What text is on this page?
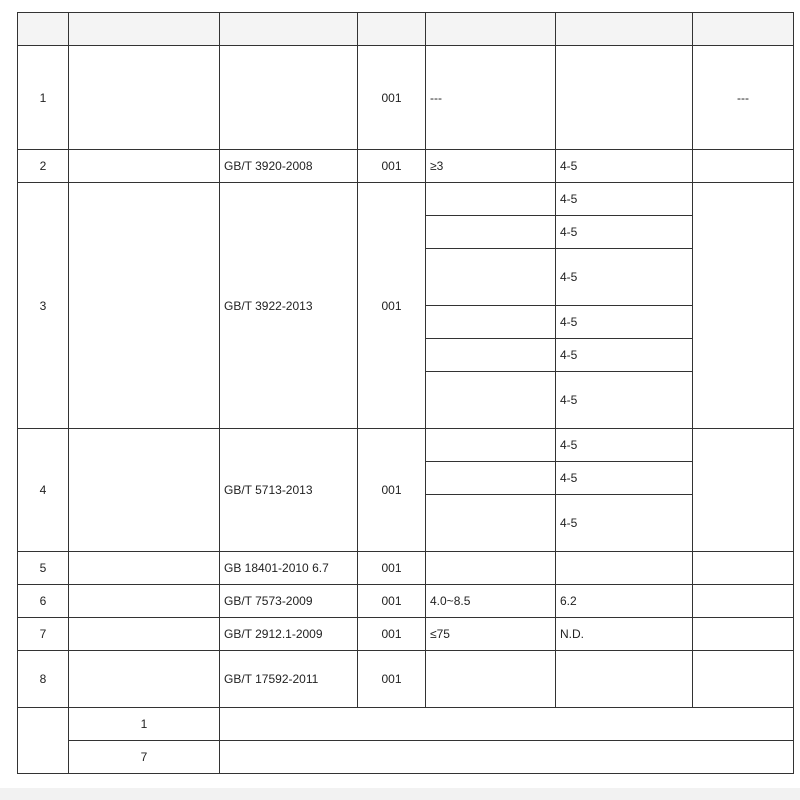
1			001	---		---
2		GB/T 3920-2008	001	≥3	4-5	
3		GB/T 3922-2013	001		4-5	
					4-5	
					4-5	
					4-5	
					4-5	
					4-5	
4		GB/T 5713-2013	001		4-5	
					4-5	
					4-5	
5		GB 18401-2010 6.7	001			
6		GB/T 7573-2009	001	4.0~8.5	6.2	
7		GB/T 2912.1-2009	001	≤75	N.D.	
8		GB/T 17592-2011	001			
	1					
	7					
